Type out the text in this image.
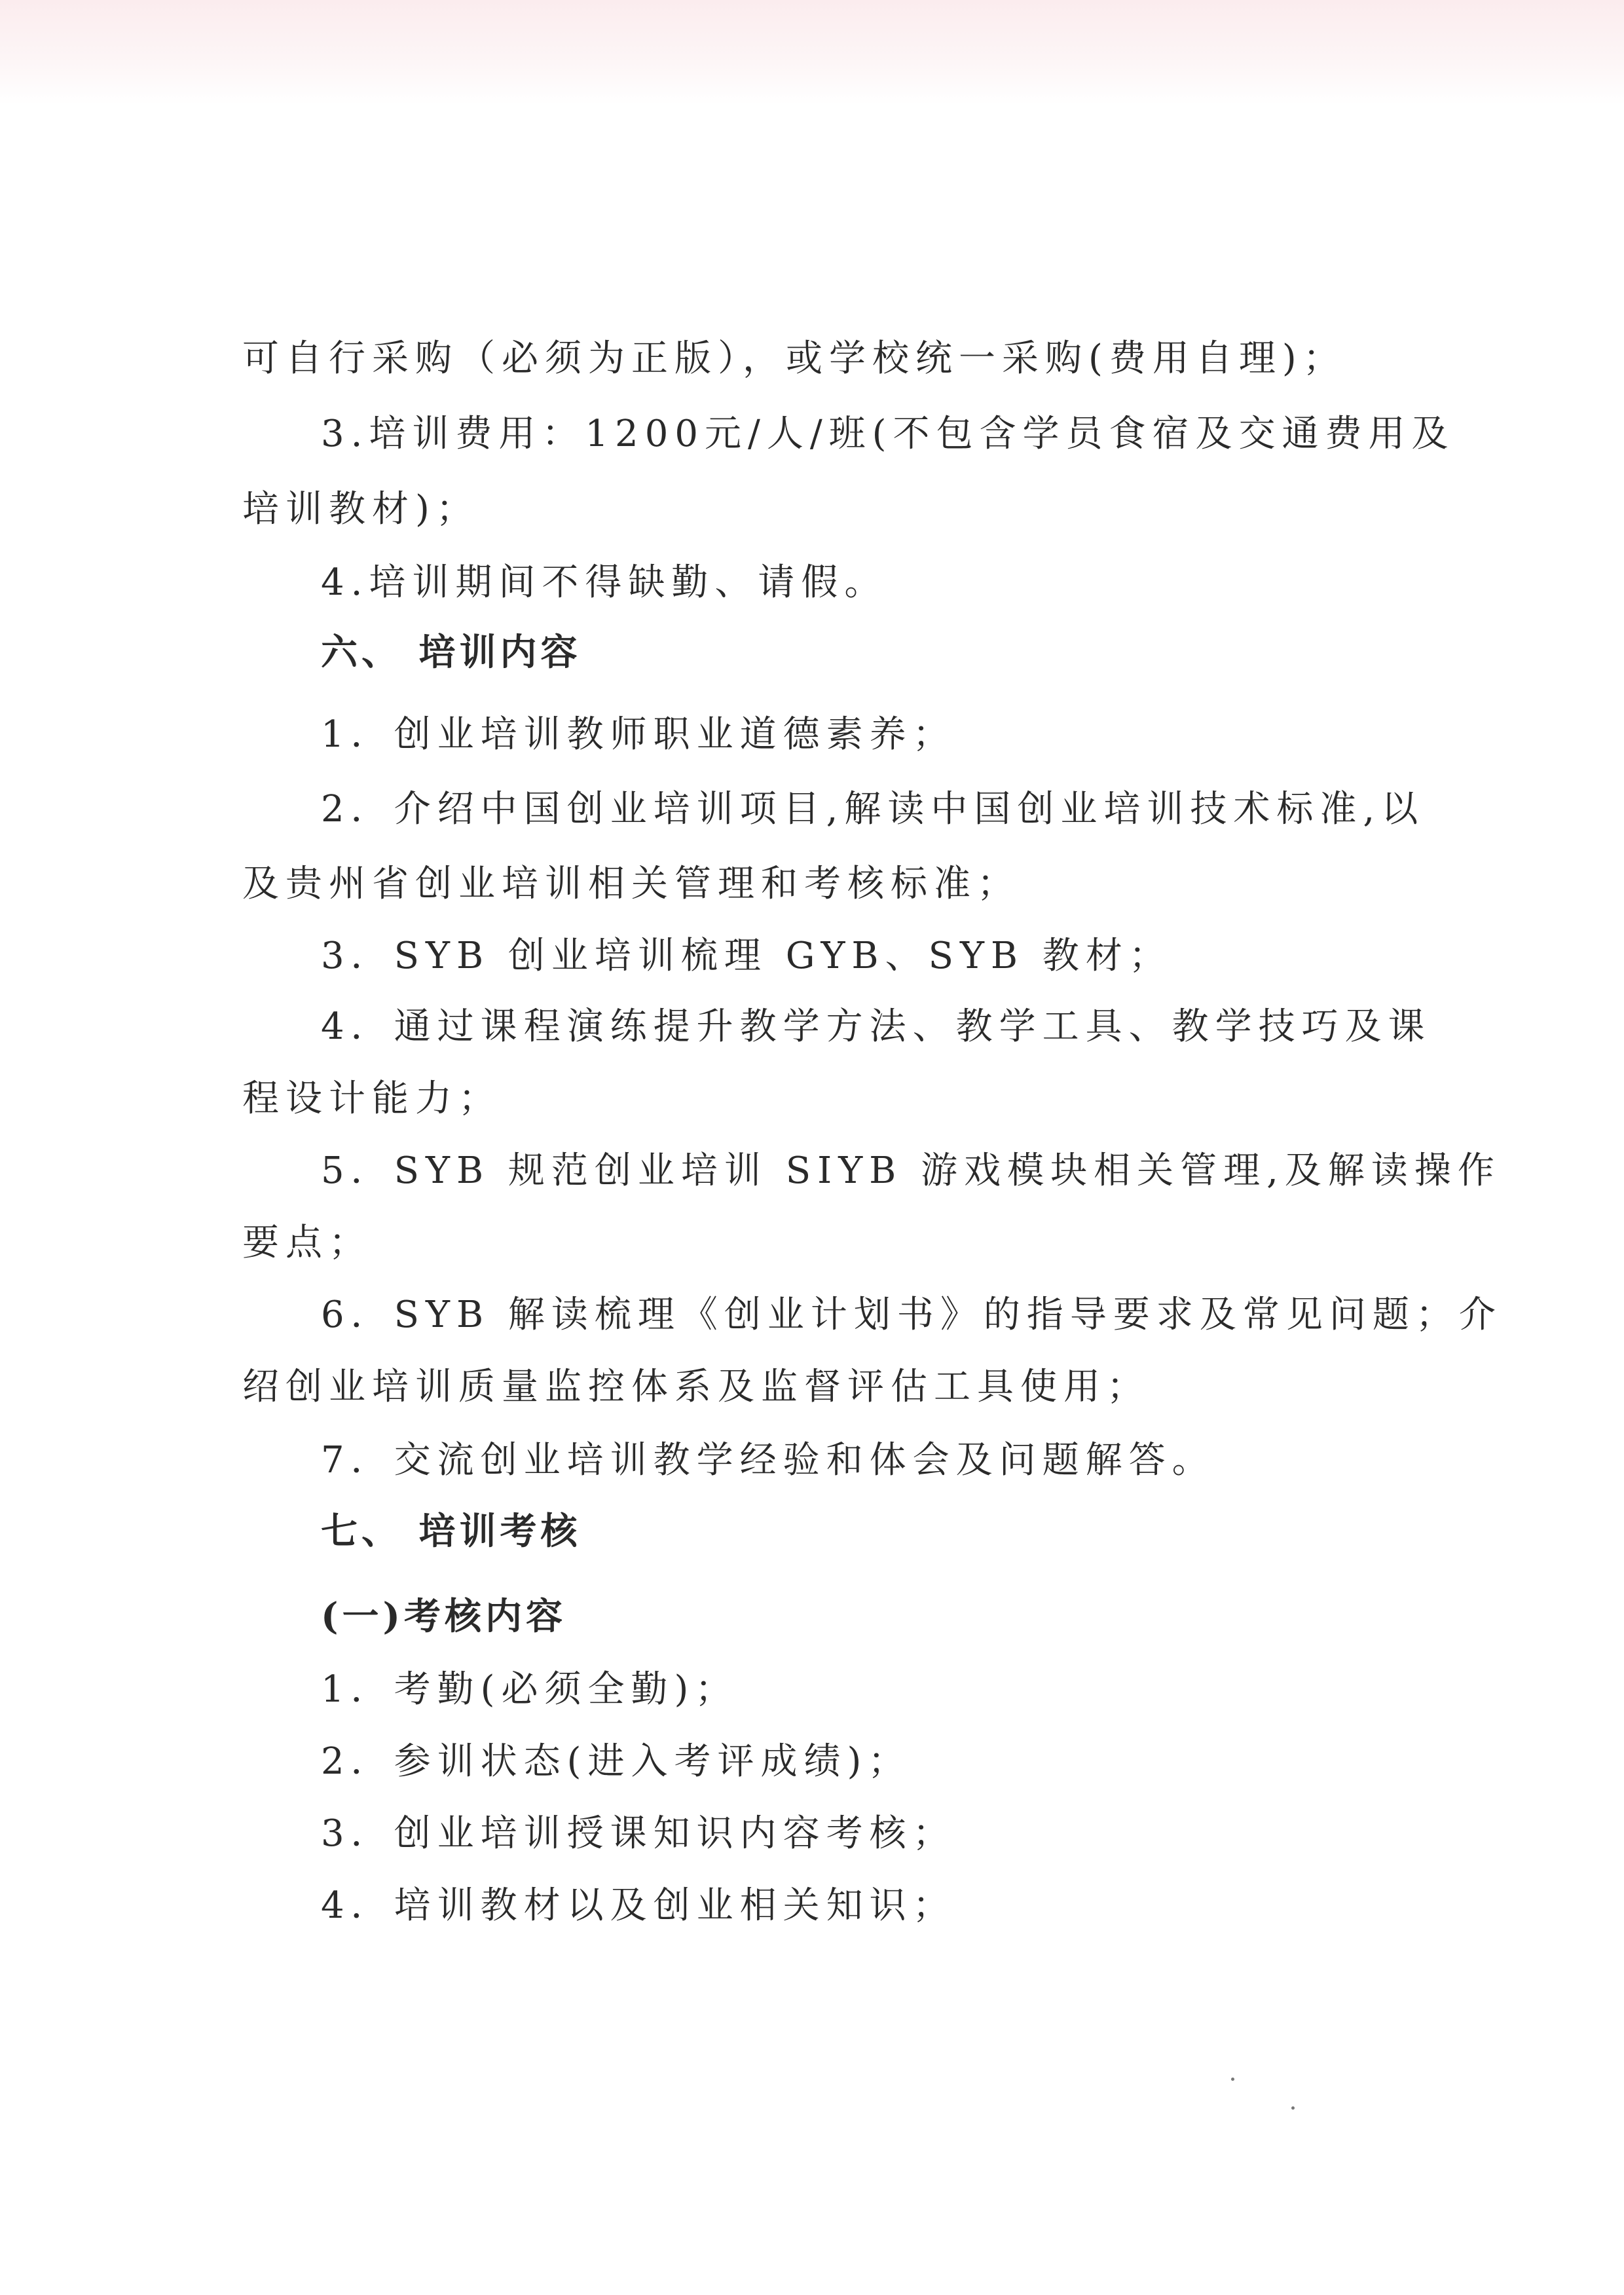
可自行采购（必须为正版），或学校统一采购(费用自理)；
3.培训费用：1200元/人/班(不包含学员食宿及交通费用及
培训教材)；
4.培训期间不得缺勤、请假。
六、 培训内容
1．创业培训教师职业道德素养；
2．介绍中国创业培训项目,解读中国创业培训技术标准,以
及贵州省创业培训相关管理和考核标准；
3．SYB 创业培训梳理 GYB、SYB 教材；
4．通过课程演练提升教学方法、教学工具、教学技巧及课
程设计能力；
5．SYB 规范创业培训 SIYB 游戏模块相关管理,及解读操作
要点；
6．SYB 解读梳理《创业计划书》的指导要求及常见问题；介
绍创业培训质量监控体系及监督评估工具使用；
7．交流创业培训教学经验和体会及问题解答。
七、 培训考核
(一)考核内容
1．考勤(必须全勤)；
2．参训状态(进入考评成绩)；
3．创业培训授课知识内容考核；
4．培训教材以及创业相关知识；
